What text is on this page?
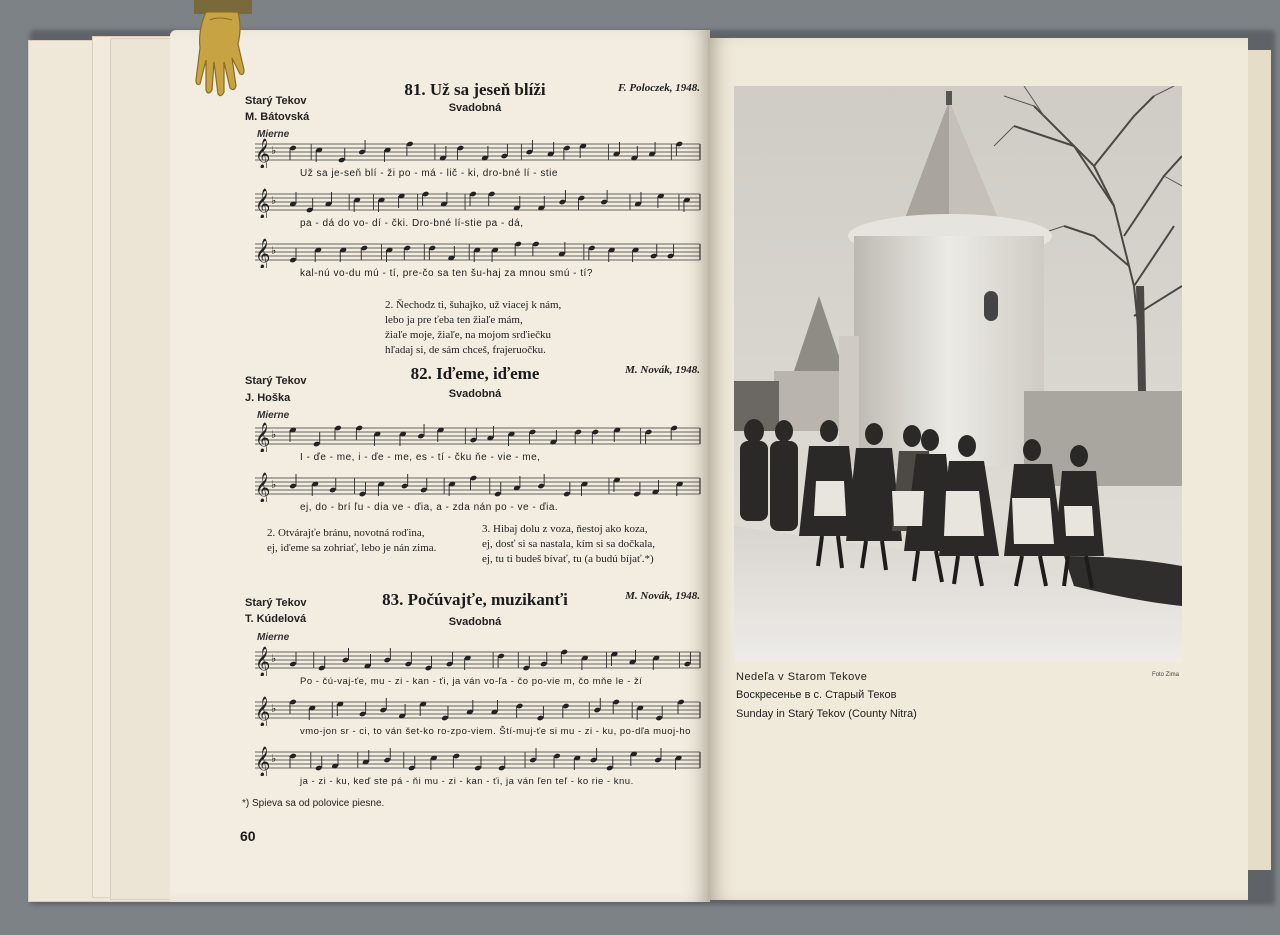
Starý Tekov
M. Bátovská
81. Už sa jeseň blíži
Svadobná
F. Poloczek, 1948.
Mierne
𝄞 ♭
Už sa je-seň blí - ži po - má - lič - ki, dro-bné lí - stie
𝄞 ♭
pa - dá do vo- dí - čki. Dro-bné lí-stie pa - dá,
𝄞 ♭
kal-nú vo-du mú - tí, pre-čo sa ten šu-haj za mnou smú - tí?
2. Ňechodz ti, šuhajko, už viacej k nám,
lebo ja pre ťeba ten žiaľe mám,
žiaľe moje, žiaľe, na mojom srďiečku
hľadaj si, de sám chceš, frajeruočku.
Starý Tekov
J. Hoška
82. Iďeme, iďeme
Svadobná
M. Novák, 1948.
Mierne
𝄞 ♭
I - ďe - me, i - ďe - me, es - tí - čku ňe - vie - me,
𝄞 ♭
ej, do - brí ľu - dia ve - ďia, a - zda nán po - ve - ďia.
2. Otvárajťe bránu, novotná roďina,
ej, iďeme sa zohriať, lebo je nán zima.
3. Hibaj dolu z voza, ňestoj ako koza,
ej, dosť si sa nastala, kím si sa dočkala,
ej, tu ti budeš bívať, tu (a budú bíjať.*)
Starý Tekov
T. Kúdelová
83. Počúvajťe, muzikanťi
Svadobná
M. Novák, 1948.
Mierne
𝄞 ♭
Po - čú-vaj-ťe, mu - zi - kan - ťi, ja ván vo-ľa - čo po-vie m, čo mňe le - ží
𝄞 ♭
vmo-jon sr - ci, to ván šet-ko ro-zpo-viem. Ští-muj-ťe si mu - zi - ku, po-dľa muoj-ho
𝄞 ♭
ja - zi - ku, keď ste pá - ňi mu - zi - kan - ťi, ja ván ľen teľ - ko rie - knu.
*) Spieva sa od polovice piesne.
60
Foto Zima
Nedeľa v Starom Tekove
Воскресенье в с. Старый Теков
Sunday in Starý Tekov (County Nitra)
